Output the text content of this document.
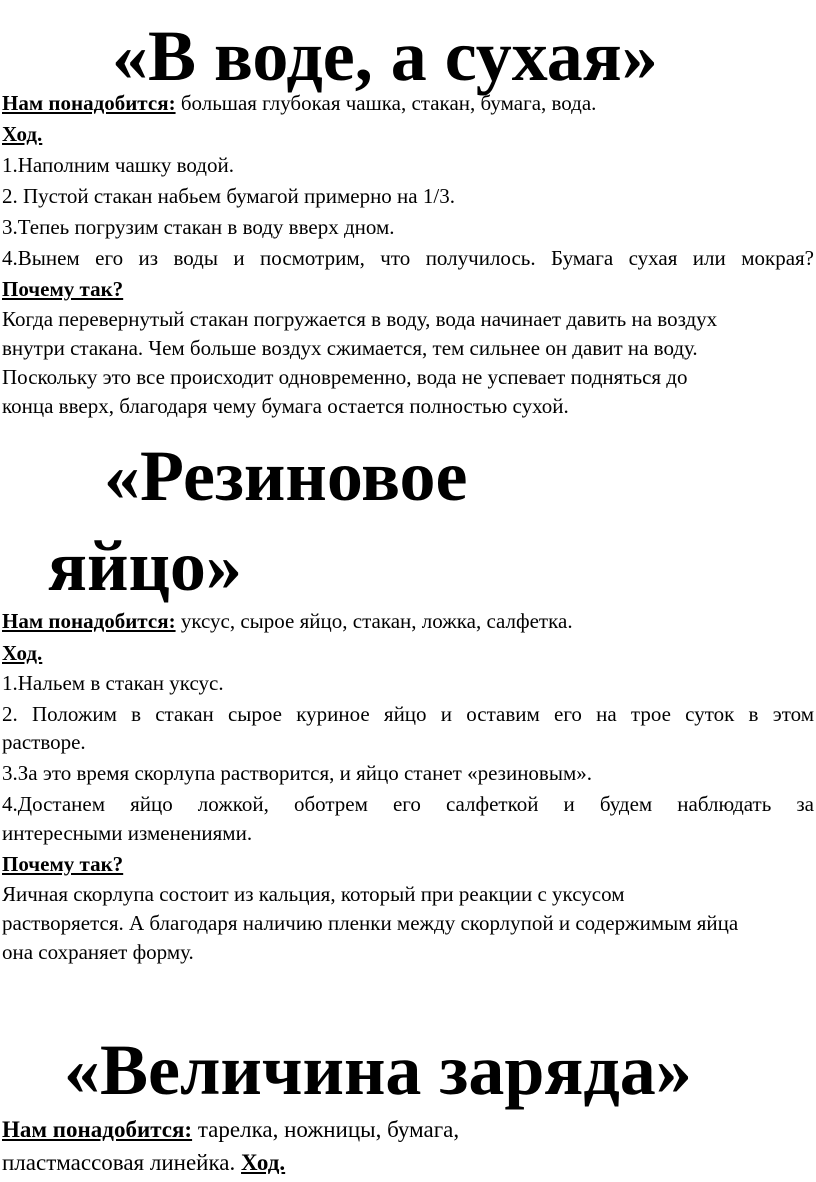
«В воде, а сухая»
Нам понадобится: большая глубокая чашка, стакан, бумага, вода.
Ход.
1.Наполним чашку водой.
2. Пустой стакан набьем бумагой примерно на 1/3.
3.Тепеь погрузим стакан в воду вверх дном.
4.Вынем его из воды и посмотрим, что получилось. Бумага сухая или мокрая?
Почему так?
Когда перевернутый стакан погружается в воду, вода начинает давить на воздух
внутри стакана. Чем больше воздух сжимается, тем сильнее он давит на воду.
Поскольку это все происходит одновременно, вода не успевает подняться до
конца вверх, благодаря чему бумага остается полностью сухой.
«Резиновое
яйцо»
Нам понадобится: уксус, сырое яйцо, стакан, ложка, салфетка.
Ход.
1.Нальем в стакан уксус.
2. Положим в стакан сырое куриное яйцо и оставим его на трое суток в этом
растворе.
3.За это время скорлупа растворится, и яйцо станет «резиновым».
4.Достанем яйцо ложкой, оботрем его салфеткой и будем наблюдать за
интересными изменениями.
Почему так?
Яичная скорлупа состоит из кальция, который при реакции с уксусом
растворяется. А благодаря наличию пленки между скорлупой и содержимым яйца
она сохраняет форму.
«Величина заряда»
Нам понадобится: тарелка, ножницы, бумага,
пластмассовая линейка. Ход.
